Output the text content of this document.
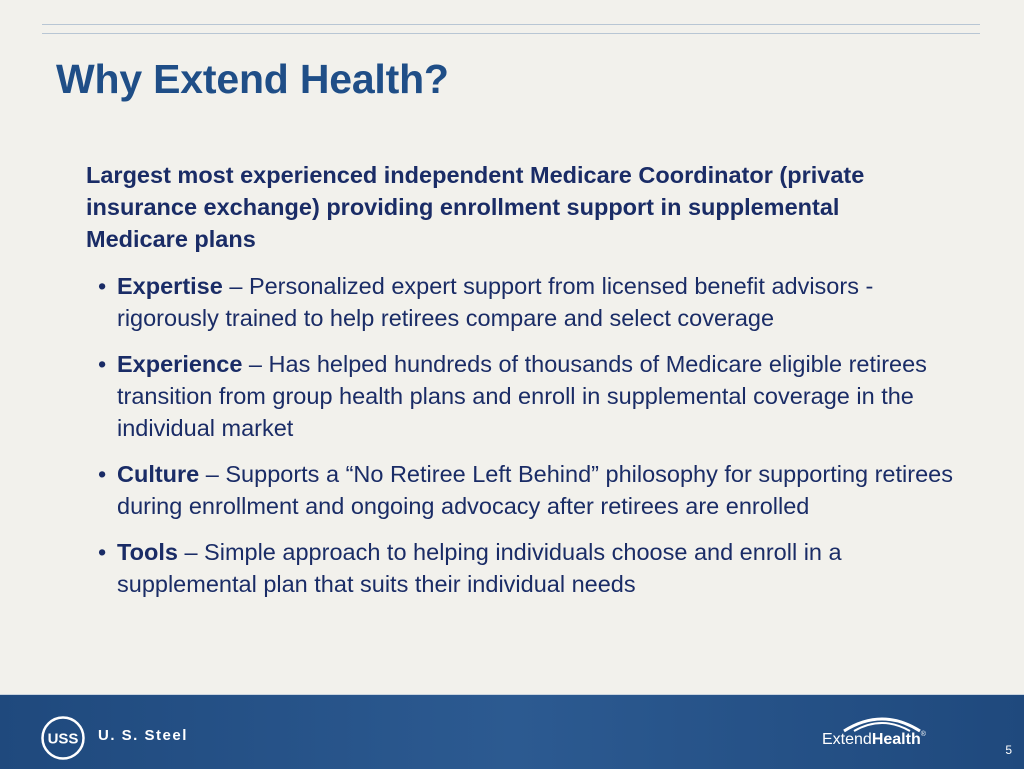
Why Extend Health?
Largest most experienced independent Medicare Coordinator (private insurance exchange) providing enrollment support in supplemental Medicare plans
• Expertise – Personalized expert support from licensed benefit advisors - rigorously trained to help retirees compare and select coverage
• Experience – Has helped hundreds of thousands of Medicare eligible retirees transition from group health plans and enroll in supplemental coverage in the individual market
• Culture – Supports a “No Retiree Left Behind” philosophy for supporting retirees during enrollment and ongoing advocacy after retirees are enrolled
• Tools – Simple approach to helping individuals choose and enroll in a supplemental plan that suits their individual needs
USS U. S. Steel	ExtendHealth®
5
